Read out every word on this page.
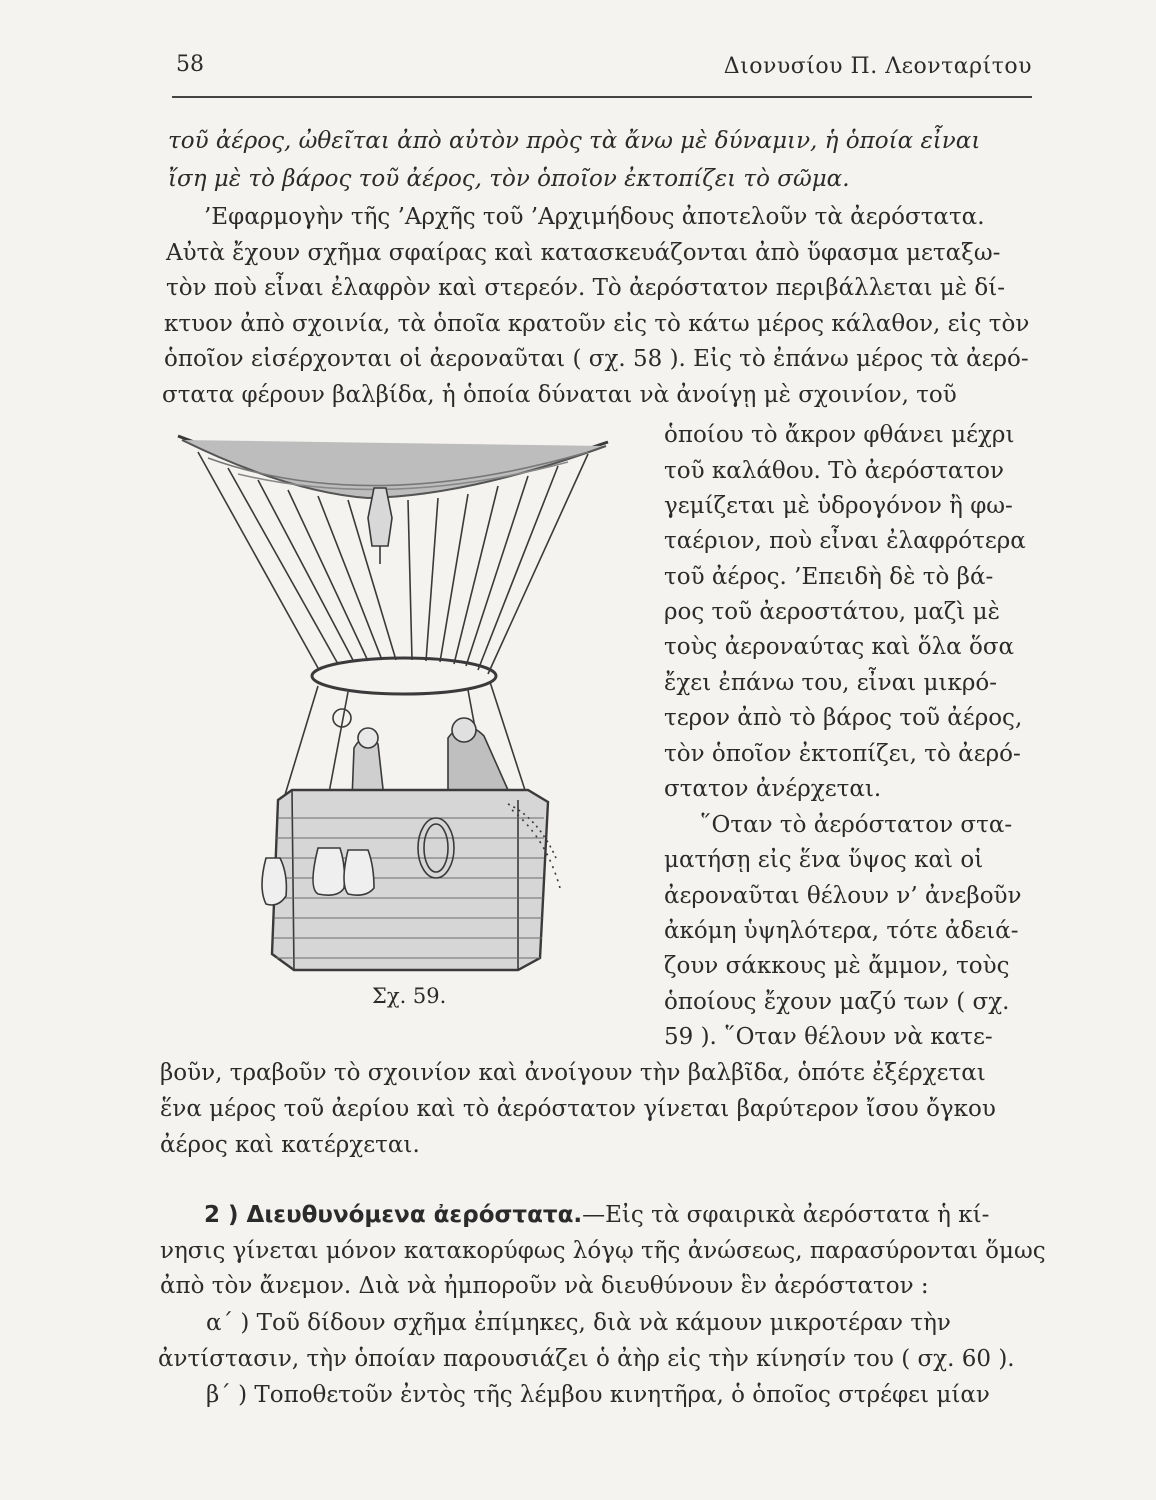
58	Διονυσίου Π. Λεονταρίτου
τοῦ ἀέρος, ὠθεῖται ἀπὸ αὐτὸν πρὸς τὰ ἄνω μὲ δύναμιν, ἡ ὁποία εἶναι
ἴση μὲ τὸ βάρος τοῦ ἀέρος, τὸν ὁποῖον ἐκτοπίζει τὸ σῶμα.
’Εφαρμογὴν τῆς ’Αρχῆς τοῦ ’Αρχιμήδους ἀποτελοῦν τὰ ἀερόστατα.
Αὐτὰ ἔχουν σχῆμα σφαίρας καὶ κατασκευάζονται ἀπὸ ὕφασμα μεταξω-
τὸν ποὺ εἶναι ἐλαφρὸν καὶ στερεόν. Τὸ ἀερόστατον περιβάλλεται μὲ δί-
κτυον ἀπὸ σχοινία, τὰ ὁποῖα κρατοῦν εἰς τὸ κάτω μέρος κάλαθον, εἰς τὸν
ὁποῖον εἰσέρχονται οἱ ἀεροναῦται ( σχ. 58 ). Εἰς τὸ ἐπάνω μέρος τὰ ἀερό-
στατα φέρουν βαλβίδα, ἡ ὁποία δύναται νὰ ἀνοίγῃ μὲ σχοινίον, τοῦ
ὁποίου τὸ ἄκρον φθάνει μέχρι
τοῦ καλάθου. Τὸ ἀερόστατον
γεμίζεται μὲ ὑδρογόνον ἢ φω-
ταέριον, ποὺ εἶναι ἐλαφρότερα
τοῦ ἀέρος. ’Επειδὴ δὲ τὸ βά-
ρος τοῦ ἀεροστάτου, μαζὶ μὲ
τοὺς ἀεροναύτας καὶ ὅλα ὅσα
ἔχει ἐπάνω του, εἶναι μικρό-
τερον ἀπὸ τὸ βάρος τοῦ ἀέρος,
τὸν ὁποῖον ἐκτοπίζει, τὸ ἀερό-
στατον ἀνέρχεται.
῞Οταν τὸ ἀερόστατον στα-
ματήσῃ εἰς ἕνα ὕψος καὶ οἱ
ἀεροναῦται θέλουν ν’ ἀνεβοῦν
ἀκόμη ὑψηλότερα, τότε ἀδειά-
ζουν σάκκους μὲ ἄμμον, τοὺς
ὁποίους ἔχουν μαζύ των ( σχ.
59 ). ῞Οταν θέλουν νὰ κατε-
Σχ. 59.
βοῦν, τραβοῦν τὸ σχοινίον καὶ ἀνοίγουν τὴν βαλβῖδα, ὁπότε ἐξέρχεται
ἕνα μέρος τοῦ ἀερίου καὶ τὸ ἀερόστατον γίνεται βαρύτερον ἴσου ὄγκου
ἀέρος καὶ κατέρχεται.
2 ) Διευθυνόμενα ἀερόστατα.—Εἰς τὰ σφαιρικὰ ἀερόστατα ἡ κί-
νησις γίνεται μόνον κατακορύφως λόγῳ τῆς ἀνώσεως, παρασύρονται ὅμως
ἀπὸ τὸν ἄνεμον. Διὰ νὰ ἠμποροῦν νὰ διευθύνουν ἓν ἀερόστατον :
α΄ ) Τοῦ δίδουν σχῆμα ἐπίμηκες, διὰ νὰ κάμουν μικροτέραν τὴν
ἀντίστασιν, τὴν ὁποίαν παρουσιάζει ὁ ἀὴρ εἰς τὴν κίνησίν του ( σχ. 60 ).
β΄ ) Τοποθετοῦν ἐντὸς τῆς λέμβου κινητῆρα, ὁ ὁποῖος στρέφει μίαν
